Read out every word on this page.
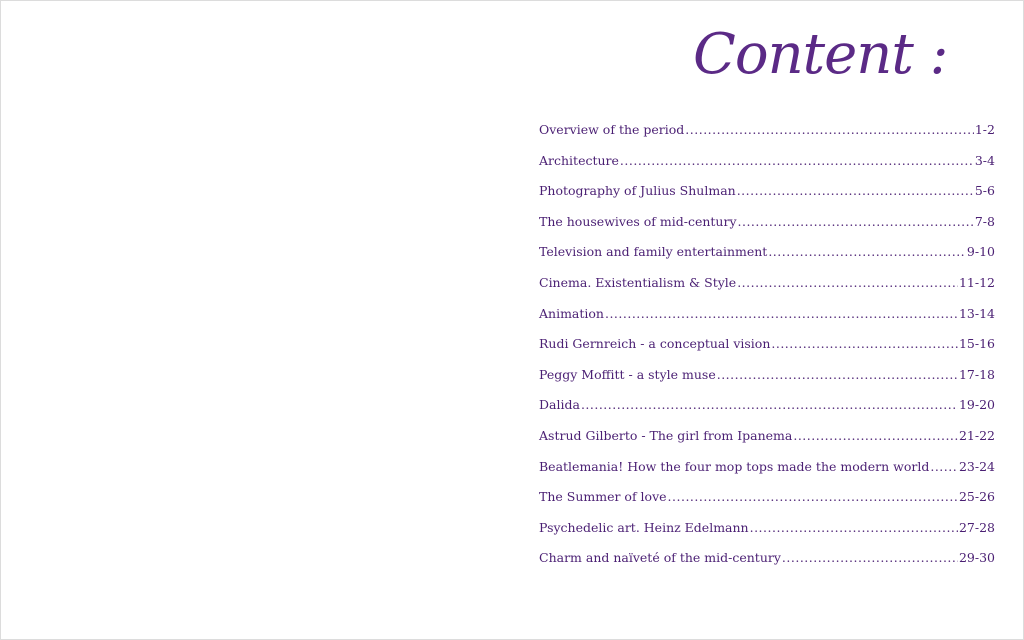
Content :
Overview of the period .....	1-2
Architecture .....	3-4
Photography of Julius Shulman .....	5-6
The housewives of mid-century .....	7-8
Television and family entertainment .....	9-10
Cinema. Existentialism & Style .....	11-12
Animation .....	13-14
Rudi Gernreich - a conceptual vision .....	15-16
Peggy Moffitt - a style muse .....	17-18
Dalida .....	19-20
Astrud Gilberto - The girl from Ipanema .....	21-22
Beatlemania! How the four mop tops made the modern world ..... 23-24
The Summer of love .....	25-26
Psychedelic art. Heinz Edelmann .....	27-28
Charm and naïveté of the mid-century .....	29-30
